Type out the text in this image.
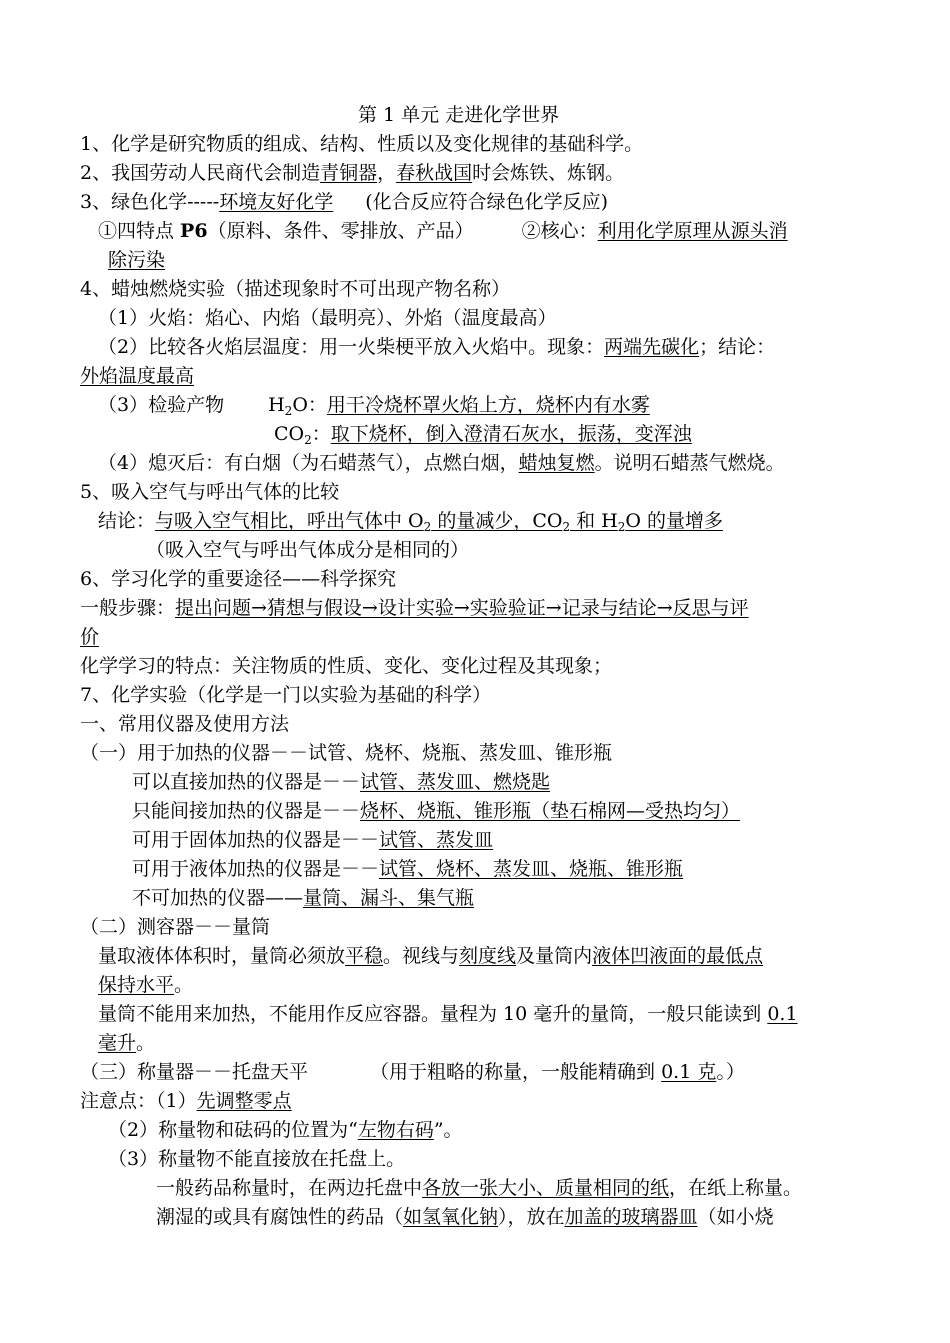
第 1 单元 走进化学世界
1、化学是研究物质的组成、结构、性质以及变化规律的基础科学。
2、我国劳动人民商代会制造青铜器，春秋战国时会炼铁、炼钢。
3、绿色化学-----环境友好化学 (化合反应符合绿色化学反应)
①四特点 P6（原料、条件、零排放、产品）	②核心：利用化学原理从源头消
除污染
4、蜡烛燃烧实验（描述现象时不可出现产物名称）
（1）火焰：焰心、内焰（最明亮）、外焰（温度最高）
（2）比较各火焰层温度：用一火柴梗平放入火焰中。现象：两端先碳化；结论：
外焰温度最高
（3）检验产物 $H_2O$：用干冷烧杯罩火焰上方，烧杯内有水雾
$CO_2$：取下烧杯，倒入澄清石灰水，振荡，变浑浊
（4）熄灭后：有白烟（为石蜡蒸气），点燃白烟，蜡烛复燃。说明石蜡蒸气燃烧。
5、吸入空气与呼出气体的比较
结论：与吸入空气相比，呼出气体中 $O_2$ 的量减少，$CO_2$ 和 $H_2O$ 的量增多
（吸入空气与呼出气体成分是相同的）
6、学习化学的重要途径——科学探究
一般步骤：提出问题→猜想与假设→设计实验→实验验证→记录与结论→反思与评
价
化学学习的特点：关注物质的性质、变化、变化过程及其现象；
7、化学实验（化学是一门以实验为基础的科学）
一、常用仪器及使用方法
（一）用于加热的仪器－－试管、烧杯、烧瓶、蒸发皿、锥形瓶
可以直接加热的仪器是－－试管、蒸发皿、燃烧匙
只能间接加热的仪器是－－烧杯、烧瓶、锥形瓶（垫石棉网—受热均匀）
可用于固体加热的仪器是－－试管、蒸发皿
可用于液体加热的仪器是－－试管、烧杯、蒸发皿、烧瓶、锥形瓶
不可加热的仪器——量筒、漏斗、集气瓶
（二）测容器－－量筒
量取液体体积时，量筒必须放平稳。视线与刻度线及量筒内液体凹液面的最低点
保持水平。
量筒不能用来加热，不能用作反应容器。量程为 10 毫升的量筒，一般只能读到 0.1
毫升。
（三）称量器－－托盘天平	（用于粗略的称量，一般能精确到 0.1 克。）
注意点：（1）先调整零点
（2）称量物和砝码的位置为“左物右码”。
（3）称量物不能直接放在托盘上。
一般药品称量时，在两边托盘中各放一张大小、质量相同的纸，在纸上称量。
潮湿的或具有腐蚀性的药品（如氢氧化钠），放在加盖的玻璃器皿（如小烧
